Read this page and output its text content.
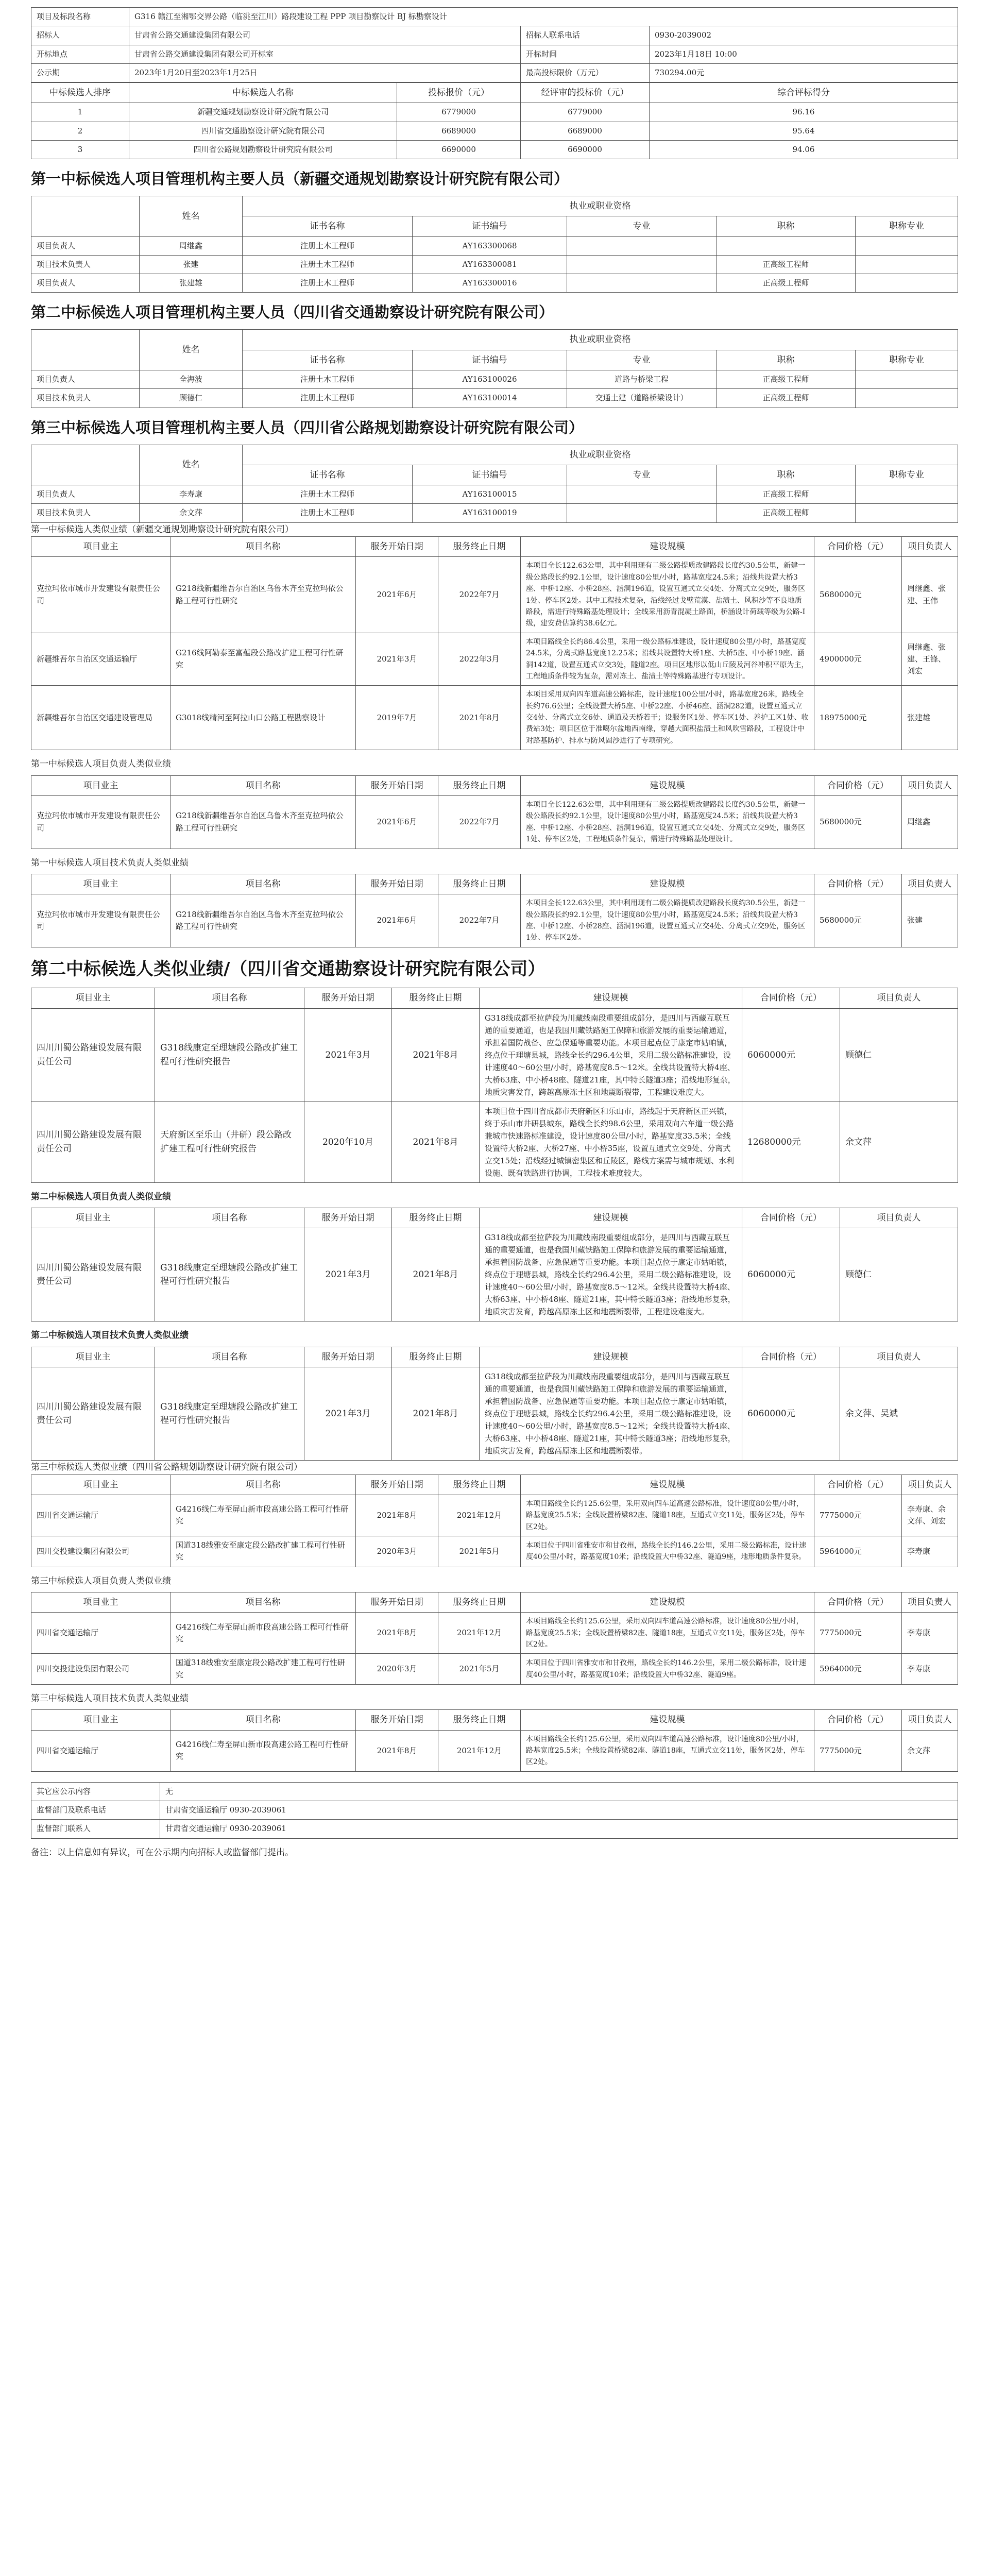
项目及标段名称	G316 赣江至湘鄂交界公路（临洮至江川）路段建设工程 PPP 项目勘察设计 BJ 标勘察设计		
招标人	甘肃省公路交通建设集团有限公司	招标人联系电话	0930-2039002
开标地点	甘肃省公路交通建设集团有限公司开标室	开标时间	2023年1月18日 10:00
公示期	2023年1月20日至2023年1月25日	最高投标限价（万元）	730294.00元
中标候选人排序	中标候选人名称	投标报价（元）	经评审的投标价（元）	综合评标得分
1	新疆交通规划勘察设计研究院有限公司	6779000	6779000	96.16
2	四川省交通勘察设计研究院有限公司	6689000	6689000	95.64
3	四川省公路规划勘察设计研究院有限公司	6690000	6690000	94.06
第一中标候选人项目管理机构主要人员（新疆交通规划勘察设计研究院有限公司）
	姓名	执业或职业资格				
		证书名称	证书编号	专业	职称	职称专业
项目负责人	周继鑫	注册土木工程师	AY163300068			
项目技术负责人	张建	注册土木工程师	AY163300081		正高级工程师	
项目负责人	张建雄	注册土木工程师	AY163300016		正高级工程师	
第二中标候选人项目管理机构主要人员（四川省交通勘察设计研究院有限公司）
	姓名	执业或职业资格				
		证书名称	证书编号	专业	职称	职称专业
项目负责人	全海波	注册土木工程师	AY163100026	道路与桥梁工程	正高级工程师	
项目技术负责人	顾德仁	注册土木工程师	AY163100014	交通土建（道路桥梁设计）	正高级工程师	
第三中标候选人项目管理机构主要人员（四川省公路规划勘察设计研究院有限公司）
	姓名	执业或职业资格				
		证书名称	证书编号	专业	职称	职称专业
项目负责人	李寿康	注册土木工程师	AY163100015		正高级工程师	
项目技术负责人	余文萍	注册土木工程师	AY163100019		正高级工程师	
第一中标候选人类似业绩（新疆交通规划勘察设计研究院有限公司）
项目业主	项目名称	服务开始日期	服务终止日期	建设规模	合同价格（元）	项目负责人
克拉玛依市城市开发建设有限责任公司	G218线新疆维吾尔自治区乌鲁木齐至克拉玛依公路工程可行性研究	2021年6月	2022年7月	本项目全长122.63公里，其中利用现有二级公路提质改建路段长度约30.5公里，新建一级公路段长约92.1公里，设计速度80公里/小时，路基宽度24.5米；沿线共设置大桥3座、中桥12座、小桥28座、涵洞196道，设置互通式立交4处、分离式立交9处，服务区1处、停车区2处。其中工程技术复杂，沿线经过戈壁荒漠、盐渍土、风积沙等不良地质路段，需进行特殊路基处理设计；全线采用沥青混凝土路面，桥涵设计荷载等级为公路-Ⅰ级，建安费估算约38.6亿元。	5680000元	周继鑫、张建、王伟
新疆维吾尔自治区交通运输厅	G216线阿勒泰至富蕴段公路改扩建工程可行性研究	2021年3月	2022年3月	本项目路线全长约86.4公里，采用一级公路标准建设，设计速度80公里/小时，路基宽度24.5米，分离式路基宽度12.25米；沿线共设置特大桥1座、大桥5座、中小桥19座、涵洞142道，设置互通式立交3处，隧道2座。项目区地形以低山丘陵及河谷冲积平原为主，工程地质条件较为复杂，需对冻土、盐渍土等特殊路基进行专项设计。	4900000元	周继鑫、张建、王锋、刘宏
新疆维吾尔自治区交通建设管理局	G3018线精河至阿拉山口公路工程勘察设计	2019年7月	2021年8月	本项目采用双向四车道高速公路标准，设计速度100公里/小时，路基宽度26米，路线全长约76.6公里；全线设置大桥5座、中桥22座、小桥46座、涵洞282道，设置互通式立交4处、分离式立交6处、通道及天桥若干；设服务区1处、停车区1处、养护工区1处、收费站3处；项目区位于准噶尔盆地西南缘，穿越大面积盐渍土和风吹雪路段，工程设计中对路基防护、排水与防风固沙进行了专项研究。	18975000元	张建雄
第一中标候选人项目负责人类似业绩
项目业主	项目名称	服务开始日期	服务终止日期	建设规模	合同价格（元）	项目负责人
克拉玛依市城市开发建设有限责任公司	G218线新疆维吾尔自治区乌鲁木齐至克拉玛依公路工程可行性研究	2021年6月	2022年7月	本项目全长122.63公里，其中利用现有二级公路提质改建路段长度约30.5公里，新建一级公路段长约92.1公里，设计速度80公里/小时，路基宽度24.5米；沿线共设置大桥3座、中桥12座、小桥28座、涵洞196道，设置互通式立交4处、分离式立交9处，服务区1处、停车区2处，工程地质条件复杂，需进行特殊路基处理设计。	5680000元	周继鑫
第一中标候选人项目技术负责人类似业绩
项目业主	项目名称	服务开始日期	服务终止日期	建设规模	合同价格（元）	项目负责人
克拉玛依市城市开发建设有限责任公司	G218线新疆维吾尔自治区乌鲁木齐至克拉玛依公路工程可行性研究	2021年6月	2022年7月	本项目全长122.63公里，其中利用现有二级公路提质改建路段长度约30.5公里，新建一级公路段长约92.1公里，设计速度80公里/小时，路基宽度24.5米；沿线共设置大桥3座、中桥12座、小桥28座、涵洞196道，设置互通式立交4处、分离式立交9处，服务区1处、停车区2处。	5680000元	张建
第二中标候选人类似业绩/（四川省交通勘察设计研究院有限公司）
项目业主	项目名称	服务开始日期	服务终止日期	建设规模	合同价格（元）	项目负责人
四川川蜀公路建设发展有限责任公司	G318线康定至理塘段公路改扩建工程可行性研究报告	2021年3月	2021年8月	G318线成都至拉萨段为川藏线南段重要组成部分，是四川与西藏互联互通的重要通道，也是我国川藏铁路施工保障和旅游发展的重要运输通道，承担着国防战备、应急保通等重要功能。本项目起点位于康定市姑咱镇，终点位于理塘县城，路线全长约296.4公里，采用二级公路标准建设，设计速度40～60公里/小时，路基宽度8.5～12米。全线共设置特大桥4座、大桥63座、中小桥48座、隧道21座，其中特长隧道3座；沿线地形复杂，地质灾害发育，跨越高原冻土区和地震断裂带，工程建设难度大。	6060000元	顾德仁
四川川蜀公路建设发展有限责任公司	天府新区至乐山（井研）段公路改扩建工程可行性研究报告	2020年10月	2021年8月	本项目位于四川省成都市天府新区和乐山市，路线起于天府新区正兴镇，终于乐山市井研县城东，路线全长约98.6公里，采用双向六车道一级公路兼城市快速路标准建设，设计速度80公里/小时，路基宽度33.5米；全线设置特大桥2座、大桥27座、中小桥35座，设置互通式立交9处、分离式立交15处；沿线经过城镇密集区和丘陵区，路线方案需与城市规划、水利设施、既有铁路进行协调，工程技术难度较大。	12680000元	余文萍
第二中标候选人项目负责人类似业绩
项目业主	项目名称	服务开始日期	服务终止日期	建设规模	合同价格（元）	项目负责人
四川川蜀公路建设发展有限责任公司	G318线康定至理塘段公路改扩建工程可行性研究报告	2021年3月	2021年8月	G318线成都至拉萨段为川藏线南段重要组成部分，是四川与西藏互联互通的重要通道，也是我国川藏铁路施工保障和旅游发展的重要运输通道，承担着国防战备、应急保通等重要功能。本项目起点位于康定市姑咱镇，终点位于理塘县城，路线全长约296.4公里，采用二级公路标准建设，设计速度40～60公里/小时，路基宽度8.5～12米。全线共设置特大桥4座、大桥63座、中小桥48座、隧道21座，其中特长隧道3座；沿线地形复杂，地质灾害发育，跨越高原冻土区和地震断裂带，工程建设难度大。	6060000元	顾德仁
第二中标候选人项目技术负责人类似业绩
项目业主	项目名称	服务开始日期	服务终止日期	建设规模	合同价格（元）	项目负责人
四川川蜀公路建设发展有限责任公司	G318线康定至理塘段公路改扩建工程可行性研究报告	2021年3月	2021年8月	G318线成都至拉萨段为川藏线南段重要组成部分，是四川与西藏互联互通的重要通道，也是我国川藏铁路施工保障和旅游发展的重要运输通道，承担着国防战备、应急保通等重要功能。本项目起点位于康定市姑咱镇，终点位于理塘县城，路线全长约296.4公里，采用二级公路标准建设，设计速度40～60公里/小时，路基宽度8.5～12米；全线共设置特大桥4座、大桥63座、中小桥48座、隧道21座，其中特长隧道3座；沿线地形复杂，地质灾害发育，跨越高原冻土区和地震断裂带。	6060000元	余文萍、吴斌
第三中标候选人类似业绩（四川省公路规划勘察设计研究院有限公司）
项目业主	项目名称	服务开始日期	服务终止日期	建设规模	合同价格（元）	项目负责人
四川省交通运输厅	G4216线仁寿至屏山新市段高速公路工程可行性研究	2021年8月	2021年12月	本项目路线全长约125.6公里，采用双向四车道高速公路标准，设计速度80公里/小时，路基宽度25.5米；全线设置桥梁82座、隧道18座，互通式立交11处，服务区2处，停车区2处。	7775000元	李寿康、余文萍、刘宏
四川交投建设集团有限公司	国道318线雅安至康定段公路改扩建工程可行性研究	2020年3月	2021年5月	本项目位于四川省雅安市和甘孜州，路线全长约146.2公里，采用二级公路标准，设计速度40公里/小时，路基宽度10米；沿线设置大中桥32座、隧道9座，地形地质条件复杂。	5964000元	李寿康
第三中标候选人项目负责人类似业绩
项目业主	项目名称	服务开始日期	服务终止日期	建设规模	合同价格（元）	项目负责人
四川省交通运输厅	G4216线仁寿至屏山新市段高速公路工程可行性研究	2021年8月	2021年12月	本项目路线全长约125.6公里，采用双向四车道高速公路标准，设计速度80公里/小时，路基宽度25.5米；全线设置桥梁82座、隧道18座，互通式立交11处，服务区2处，停车区2处。	7775000元	李寿康
四川交投建设集团有限公司	国道318线雅安至康定段公路改扩建工程可行性研究	2020年3月	2021年5月	本项目位于四川省雅安市和甘孜州，路线全长约146.2公里，采用二级公路标准，设计速度40公里/小时，路基宽度10米；沿线设置大中桥32座、隧道9座。	5964000元	李寿康
第三中标候选人项目技术负责人类似业绩
项目业主	项目名称	服务开始日期	服务终止日期	建设规模	合同价格（元）	项目负责人
四川省交通运输厅	G4216线仁寿至屏山新市段高速公路工程可行性研究	2021年8月	2021年12月	本项目路线全长约125.6公里，采用双向四车道高速公路标准，设计速度80公里/小时，路基宽度25.5米；全线设置桥梁82座、隧道18座，互通式立交11处，服务区2处，停车区2处。	7775000元	余文萍
其它应公示内容	无
监督部门及联系电话	甘肃省交通运输厅 0930-2039061
监督部门联系人	甘肃省交通运输厅 0930-2039061
备注：以上信息如有异议，可在公示期内向招标人或监督部门提出。
